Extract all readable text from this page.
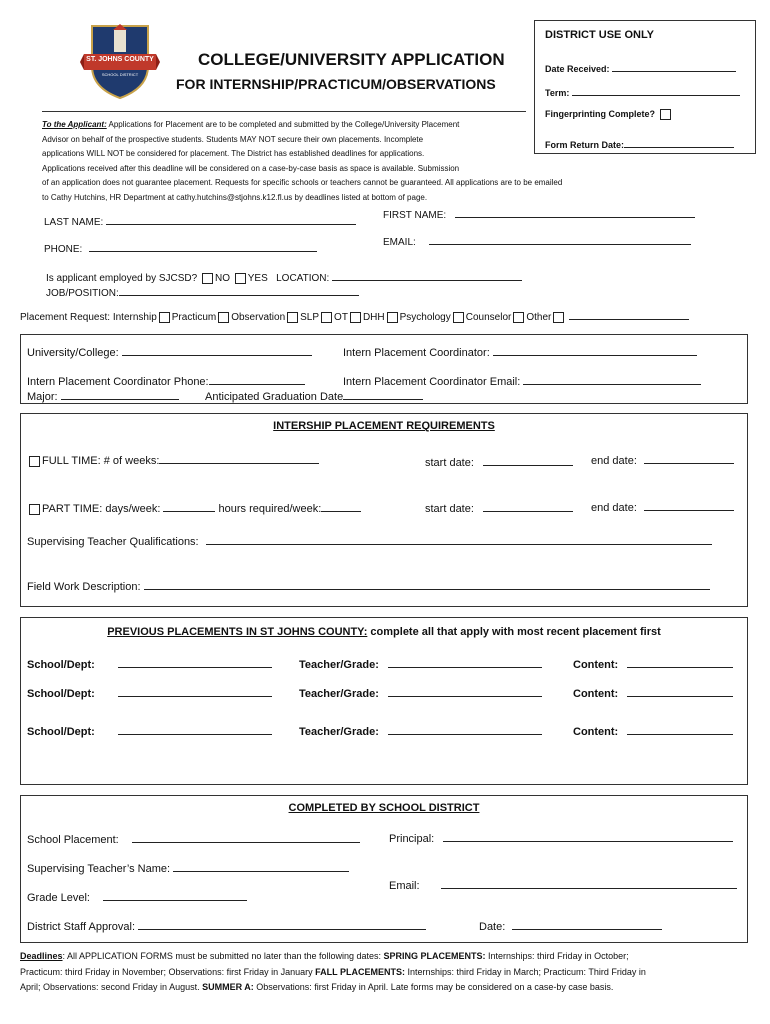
ST. JOHNS COUNTY
SCHOOL DISTRICT
COLLEGE/UNIVERSITY APPLICATION
FOR INTERNSHIP/PRACTICUM/OBSERVATIONS
DISTRICT USE ONLY
Date Received:
Term:
Fingerprinting Complete?
Form Return Date:
To the Applicant: Applications for Placement are to be completed and submitted by the College/University Placement
Advisor on behalf of the prospective students. Students MAY NOT secure their own placements. Incomplete
applications WILL NOT be considered for placement. The District has established deadlines for applications.
Applications received after this deadline will be considered on a case-by-case basis as space is available. Submission
of an application does not guarantee placement. Requests for specific schools or teachers cannot be guaranteed. All applications are to be emailed
to Cathy Hutchins, HR Department at cathy.hutchins@stjohns.k12.fl.us by deadlines listed at bottom of page.
LAST NAME:
FIRST NAME:
PHONE:
EMAIL:
Is applicant employed by SJCSD? NO YES LOCATION:
JOB/POSITION:
Placement Request: Internship Practicum Observation SLP OT DHH Psychology Counselor Other
University/College:	Intern Placement Coordinator:
Intern Placement Coordinator Phone:	Intern Placement Coordinator Email:
Major:	Anticipated Graduation Date
INTERSHIP PLACEMENT REQUIREMENTS
FULL TIME: # of weeks:	start date:	end date:
PART TIME: days/week:	hours required/week:	start date:	end date:
Supervising Teacher Qualifications:
Field Work Description:
PREVIOUS PLACEMENTS IN ST JOHNS COUNTY: complete all that apply with most recent placement first
School/Dept:	Teacher/Grade:	Content:
School/Dept:	Teacher/Grade:	Content:
School/Dept:	Teacher/Grade:	Content:
COMPLETED BY SCHOOL DISTRICT
School Placement:	Principal:
Supervising Teacher’s Name:
Email:
Grade Level:
District Staff Approval:	Date:
Deadlines: All APPLICATION FORMS must be submitted no later than the following dates: SPRING PLACEMENTS: Internships: third Friday in October;
Practicum: third Friday in November; Observations: first Friday in January FALL PLACEMENTS: Internships: third Friday in March; Practicum: Third Friday in
April; Observations: second Friday in August. SUMMER A: Observations: first Friday in April. Late forms may be considered on a case-by case basis.
